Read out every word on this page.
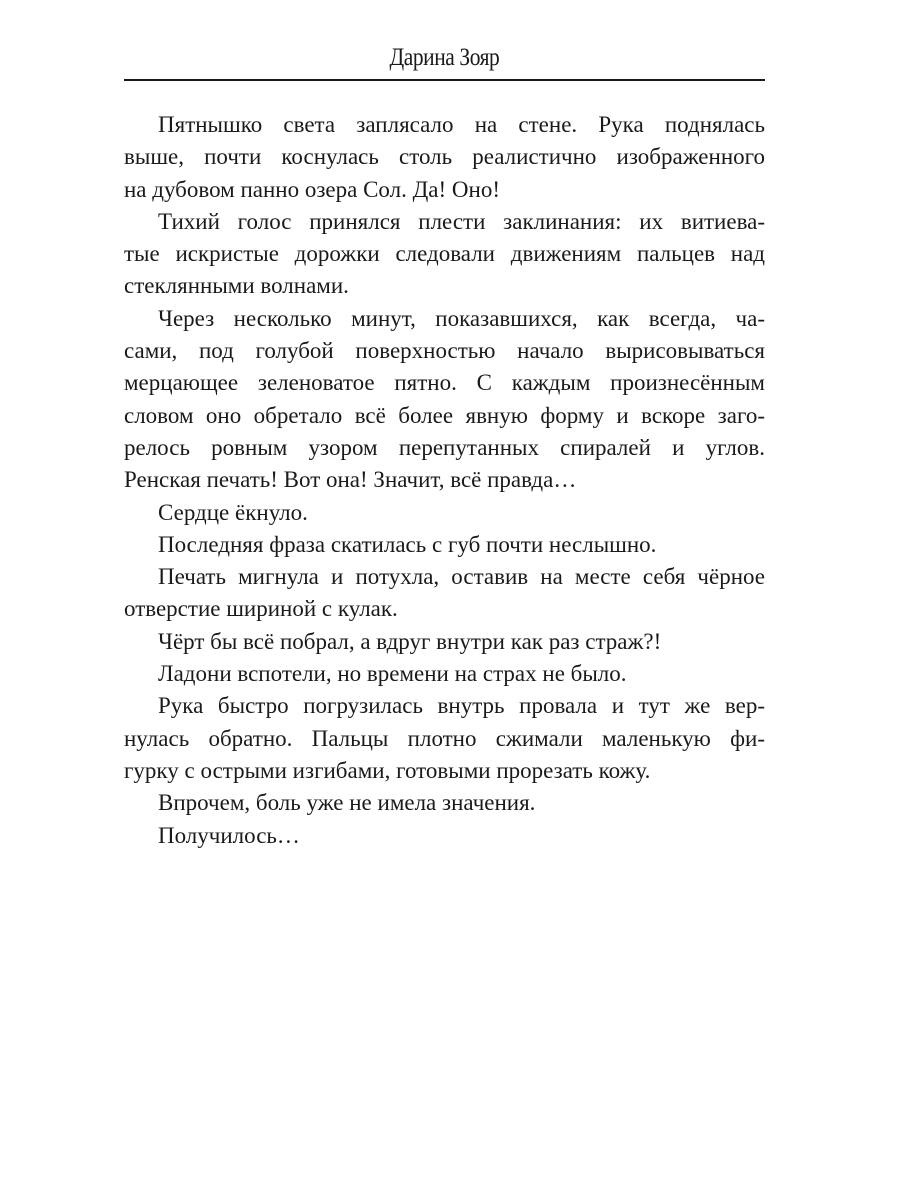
Дарина Зояр
Пятнышко света заплясало на стене. Рука поднялась
выше, почти коснулась столь реалистично изображенного
на дубовом панно озера Сол. Да! Оно!
Тихий голос принялся плести заклинания: их витиева-
тые искристые дорожки следовали движениям пальцев над
стеклянными волнами.
Через несколько минут, показавшихся, как всегда, ча-
сами, под голубой поверхностью начало вырисовываться
мерцающее зеленоватое пятно. С каждым произнесённым
словом оно обретало всё более явную форму и вскоре заго-
релось ровным узором перепутанных спиралей и углов.
Ренская печать! Вот она! Значит, всё правда…
Сердце ёкнуло.
Последняя фраза скатилась с губ почти неслышно.
Печать мигнула и потухла, оставив на месте себя чёрное
отверстие шириной с кулак.
Чёрт бы всё побрал, а вдруг внутри как раз страж?!
Ладони вспотели, но времени на страх не было.
Рука быстро погрузилась внутрь провала и тут же вер-
нулась обратно. Пальцы плотно сжимали маленькую фи-
гурку с острыми изгибами, готовыми прорезать кожу.
Впрочем, боль уже не имела значения.
Получилось…
